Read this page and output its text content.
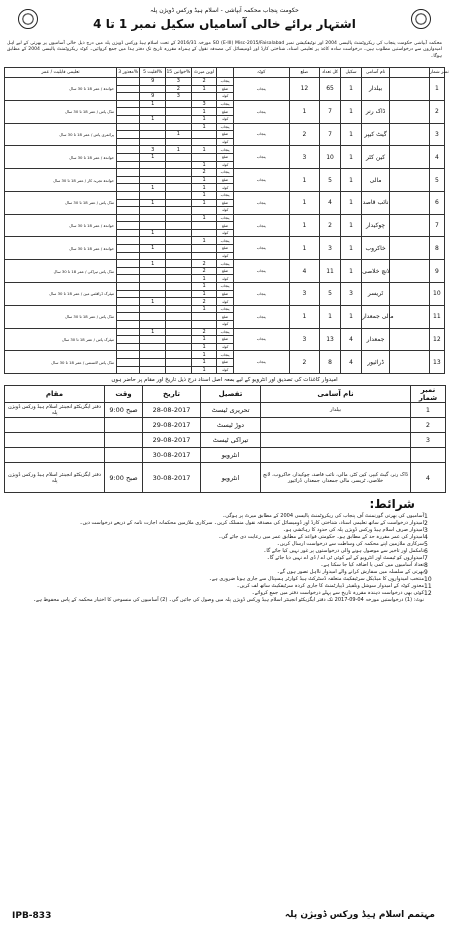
حکومت پنجاب محکمہ آبپاشی - اسلام ہیڈ ورکس ڈویژن پلہ
اشتہار برائے خالی آسامیاں سکیل نمبر 1 تا 4
محکمہ آبپاشی حکومت پنجاب کی ریکروٹمنٹ پالیسی 2004 اور نوٹیفکیشن نمبر SO (E-III) Misc-2015/Faisalabad مورخہ 2016/31 کے تحت اسلام ہیڈ ورکس ڈویژن پلہ میں درج ذیل خالی آسامیوں پر بھرتی کے لیے اہل امیدواروں سے درخواستیں مطلوب ہیں۔ درخواست سادہ کاغذ پر تعلیمی اسناد، شناختی کارڈ اور ڈومیسائل کی مصدقہ نقول کے ہمراہ مقررہ تاریخ تک دفتر ہذا میں جمع کروائیں۔ کوٹہ ریکروٹمنٹ پالیسی 2004 کے مطابق ہوگا۔
تعلیمی قابلیت / عمر	معذور 3%	اقلیت 5%	خواتین 15%	اوپن میرٹ		کوٹہ	ضلع	کل تعداد	سکیل	نام آسامی		نمبر شمار
خواندہ / عمر 18 تا 30 سال		9	3	2	پنجاب	پنجاب	12	65	1	بیلدار		1
			2	1	ضلع							
		9	3		کوٹہ							
مڈل پاس / عمر 18 تا 30 سال		1		3	پنجاب	پنجاب	1	7	1	ڈاک رنر		2
				1	ضلع							
		1		1	کوٹہ							
پرائمری پاس / عمر 18 تا 30 سال				1	پنجاب	پنجاب	2	7	1	گیٹ کیپر		3
			1		ضلع							
					کوٹہ							
خواندہ / عمر 18 تا 30 سال		3	1	1	پنجاب	پنجاب	3	10	1	کین کٹر		4
		1			ضلع							
				1	کوٹہ							
خواندہ تجربہ کار / عمر 18 تا 30 سال				2	پنجاب	پنجاب	1	5	1	مالی		5
				1	ضلع							
		1		1	کوٹہ							
مڈل پاس / عمر 18 تا 30 سال				1	پنجاب	پنجاب	1	4	1	نائب قاصد		6
		1		1	ضلع							
					کوٹہ							
خواندہ / عمر 18 تا 30 سال				1	پنجاب	پنجاب	1	2	1	چوکیدار		7
					ضلع							
		1			کوٹہ							
خواندہ / عمر 18 تا 30 سال				1	پنجاب	پنجاب	1	3	1	خاکروب		8
		1			ضلع							
					کوٹہ							
مڈل پاس تیراکی / عمر 18 تا 30 سال		1		2	پنجاب	پنجاب	4	11	1	لانچ خلاصی		9
				2	ضلع							
				1	کوٹہ							
میٹرک ڈرافٹس مین / عمر 18 تا 30 سال				1	پنجاب	پنجاب	3	5	3	ٹریسر		10
				1	ضلع							
		1		2	کوٹہ							
مڈل پاس / عمر 18 تا 30 سال				1	پنجاب	پنجاب	1	1	1	مالی جمعدار		11
					ضلع							
					کوٹہ							
میٹرک پاس / عمر 18 تا 30 سال		1		2	پنجاب	پنجاب	3	13	4	جمعدار		12
				1	ضلع							
				1	کوٹہ							
مڈل پاس لائسنس / عمر 18 تا 30 سال				1	پنجاب	پنجاب	2	8	4	ڈرائیور		13
				1	ضلع							
				1	کوٹہ							
امیدوار کاغذات کی تصدیق اور انٹرویو کے لیے بمعہ اصل اسناد درج ذیل تاریخ اور مقام پر حاضر ہوں
مقام	وقت	تاریخ	تفصیل	نام آسامی	نمبر شمار
دفتر ایگزیکٹو انجینئر اسلام ہیڈ ورکس ڈویژن پلہ	صبح 9:00	28-08-2017	تحریری ٹیسٹ	بیلدار	1
		29-08-2017	دوڑ ٹیسٹ		2
		29-08-2017	تیراکی ٹیسٹ		3
		30-08-2017	انٹرویو		
دفتر ایگزیکٹو انجینئر اسلام ہیڈ ورکس ڈویژن پلہ	صبح 9:00	30-08-2017	انٹرویو	ڈاک رنر، گیٹ کیپر، کین کٹر، مالی، نائب قاصد، چوکیدار، خاکروب، لانچ خلاصی، ٹریسر، مالی جمعدار، جمعدار، ڈرائیور	4
شرائط:
1
آسامیوں کی بھرتی گورنمنٹ آف پنجاب کی ریکروٹمنٹ پالیسی 2004 کے مطابق میرٹ پر ہوگی۔
2
امیدوار درخواست کے ساتھ تعلیمی اسناد، شناختی کارڈ اور ڈومیسائل کی مصدقہ نقول منسلک کریں۔ سرکاری ملازمین محکمانہ اجازت نامہ کے ذریعے درخواست دیں۔
3
امیدوار صرف اسلام ہیڈ ورکس ڈویژن پلہ کی حدود کا رہائشی ہو۔
4
امیدوار کی عمر مقررہ حد کے مطابق ہو۔ حکومتی قواعد کے مطابق عمر میں رعایت دی جائے گی۔
5
سرکاری ملازمین اپنے محکمہ کی وساطت سے درخواست ارسال کریں۔
6
نامکمل اور تاخیر سے موصول ہونے والی درخواستوں پر غور نہیں کیا جائے گا۔
7
امیدواروں کو ٹیسٹ اور انٹرویو کے لیے کوئی ٹی اے / ڈی اے نہیں دیا جائے گا۔
8
تعداد آسامیوں میں کمی یا اضافہ کیا جا سکتا ہے۔
9
بھرتی کے سلسلہ میں سفارش کرانے والے امیدوار نااہل تصور ہوں گے۔
10
منتخب امیدواروں کا میڈیکل سرٹیفکیٹ متعلقہ ڈسٹرکٹ ہیڈ کوارٹر ہسپتال سے جاری ہونا ضروری ہے۔
11
معذور کوٹہ کے امیدوار سوشل ویلفیئر ڈیپارٹمنٹ کا جاری کردہ سرٹیفکیٹ ساتھ لف کریں۔
12
کوئی بھی درخواست دہندہ مقررہ تاریخ سے پہلے درخواست دفتر میں جمع کروائے۔
نوٹ: (1) درخواستیں مورخہ 04-09-2017 تک دفتر ایگزیکٹو انجینئر اسلام ہیڈ ورکس ڈویژن پلہ میں وصول کی جائیں گی۔ (2) آسامیوں کی منسوخی کا اختیار محکمہ کے پاس محفوظ ہے۔
IPB-833	مہتمم اسلام ہیڈ ورکس ڈویژن پلہ
